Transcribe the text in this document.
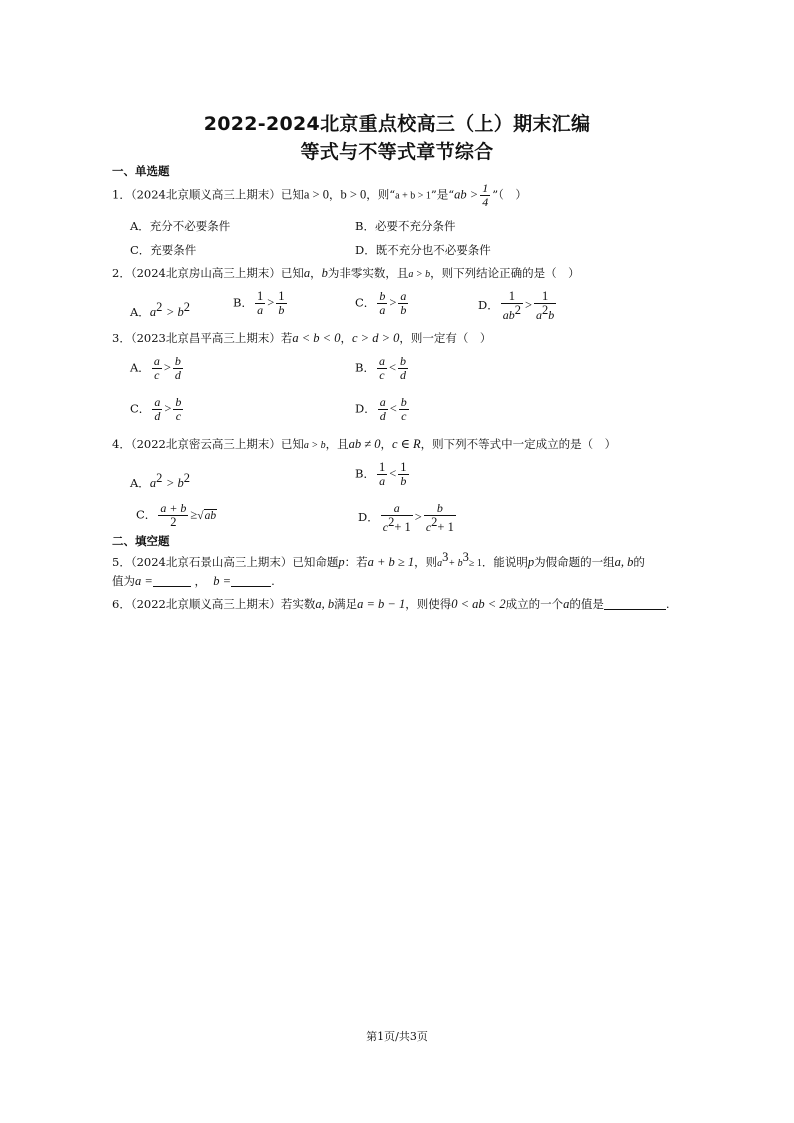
2022-2024北京重点校高三（上）期末汇编
等式与不等式章节综合
一、单选题
1．（2024北京顺义高三上期末）已知a > 0，b > 0，则“a + b > 1”是“ab > $\frac{1}{4}$ ”（　）
A．充分不必要条件	B．必要不充分条件
C．充要条件	D．既不充分也不必要条件
2．（2024北京房山高三上期末）已知a，b为非零实数，且a > b，则下列结论正确的是（　）
A．$a^2 > b^2$	B． $\frac{1}{a} > \frac{1}{b}$	C． $\frac{b}{a} > \frac{a}{b}$	D． $\frac{1}{ab^2} > \frac{1}{a^2b}$
3．（2023北京昌平高三上期末）若a < b < 0，c > d > 0，则一定有（　）
A． $\frac{a}{c} > \frac{b}{d}$	B． $\frac{a}{c} < \frac{b}{d}$
C． $\frac{a}{d} > \frac{b}{c}$	D． $\frac{a}{d} < \frac{b}{c}$
4．（2022北京密云高三上期末）已知a > b，且ab ≠ 0，c ∈ R，则下列不等式中一定成立的是（　）
A．$a^2 > b^2$	B． $\frac{1}{a} < \frac{1}{b}$
C． $\frac{a + b}{2} \ge√ab$	D． $\frac{a}{c^2+ 1} > \frac{b}{c^2+ 1}$
二、填空题
5．（2024北京石景山高三上期末）已知命题p：若a + b ≥ 1，则$a^3+ b^3\ge 1$．能说明p为假命题的一组a, b的
值为a =	， b =	.
6．（2022北京顺义高三上期末）若实数a, b满足a = b − 1，则使得0 < ab < 2成立的一个a的值是	.
第1页/共3页
